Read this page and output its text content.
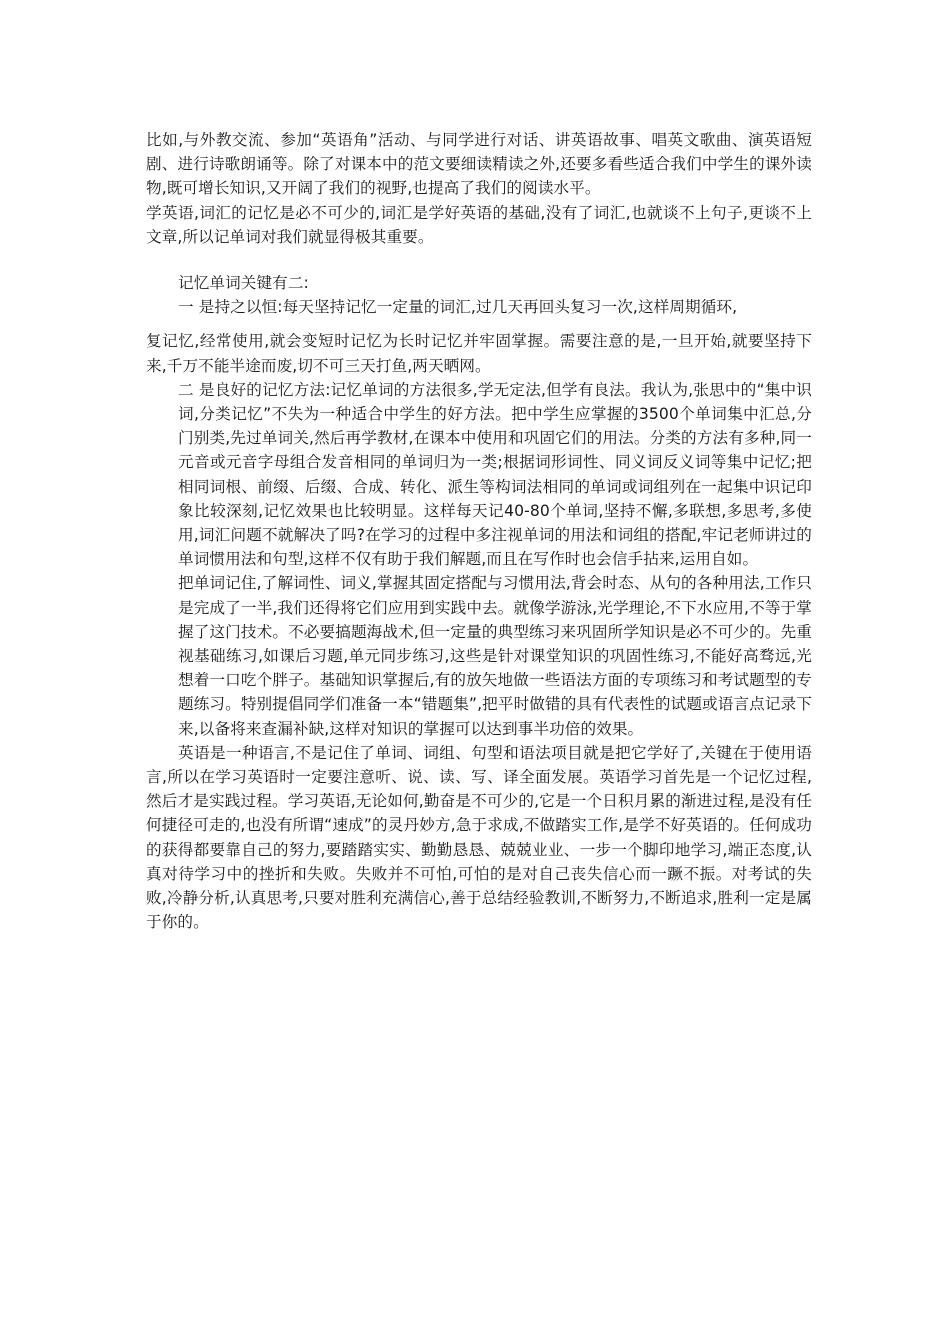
比如,与外教交流、参加“英语角”活动、与同学进行对话、讲英语故事、唱英文歌曲、演英语短剧、进行诗歌朗诵等。除了对课本中的范文要细读精读之外,还要多看些适合我们中学生的课外读物,既可增长知识,又开阔了我们的视野,也提高了我们的阅读水平。

学英语,词汇的记忆是必不可少的,词汇是学好英语的基础,没有了词汇,也就谈不上句子,更谈不上文章,所以记单词对我们就显得极其重要。

记忆单词关键有二:

一 是持之以恒:每天坚持记忆一定量的词汇,过几天再回头复习一次,这样周期循环,

复记忆,经常使用,就会变短时记忆为长时记忆并牢固掌握。需要注意的是,一旦开始,就要坚持下来,千万不能半途而废,切不可三天打鱼,两天晒网。

二 是良好的记忆方法:记忆单词的方法很多,学无定法,但学有良法。我认为,张思中的“集中识词,分类记忆”不失为一种适合中学生的好方法。把中学生应掌握的3500个单词集中汇总,分门别类,先过单词关,然后再学教材,在课本中使用和巩固它们的用法。分类的方法有多种,同一元音或元音字母组合发音相同的单词归为一类;根据词形词性、同义词反义词等集中记忆;把相同词根、前缀、后缀、合成、转化、派生等构词法相同的单词或词组列在一起集中识记印象比较深刻,记忆效果也比较明显。这样每天记40-80个单词,坚持不懈,多联想,多思考,多使用,词汇问题不就解决了吗?在学习的过程中多注视单词的用法和词组的搭配,牢记老师讲过的单词惯用法和句型,这样不仅有助于我们解题,而且在写作时也会信手拈来,运用自如。

把单词记住,了解词性、词义,掌握其固定搭配与习惯用法,背会时态、从句的各种用法,工作只是完成了一半,我们还得将它们应用到实践中去。就像学游泳,光学理论,不下水应用,不等于掌握了这门技术。不必要搞题海战术,但一定量的典型练习来巩固所学知识是必不可少的。先重视基础练习,如课后习题,单元同步练习,这些是针对课堂知识的巩固性练习,不能好高骛远,光想着一口吃个胖子。基础知识掌握后,有的放矢地做一些语法方面的专项练习和考试题型的专题练习。特别提倡同学们准备一本“错题集”,把平时做错的具有代表性的试题或语言点记录下来,以备将来查漏补缺,这样对知识的掌握可以达到事半功倍的效果。

英语是一种语言,不是记住了单词、词组、句型和语法项目就是把它学好了,关键在于使用语言,所以在学习英语时一定要注意听、说、读、写、译全面发展。英语学习首先是一个记忆过程,然后才是实践过程。学习英语,无论如何,勤奋是不可少的,它是一个日积月累的渐进过程,是没有任何捷径可走的,也没有所谓“速成”的灵丹妙方,急于求成,不做踏实工作,是学不好英语的。任何成功的获得都要靠自己的努力,要踏踏实实、勤勤恳恳、兢兢业业、一步一个脚印地学习,端正态度,认真对待学习中的挫折和失败。失败并不可怕,可怕的是对自己丧失信心而一蹶不振。对考试的失败,冷静分析,认真思考,只要对胜利充满信心,善于总结经验教训,不断努力,不断追求,胜利一定是属于你的。
